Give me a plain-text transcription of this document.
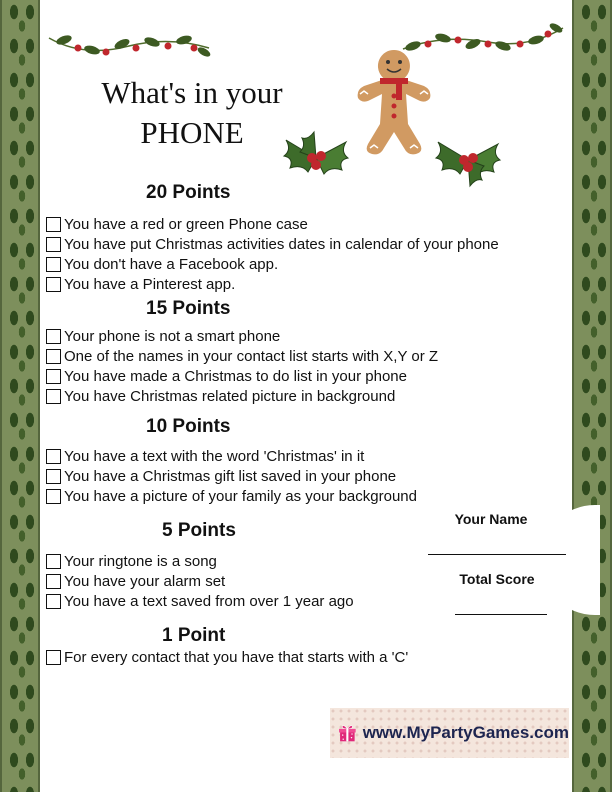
What's in your
PHONE
20 Points
You have a red or green Phone case
You have put Christmas activities dates in calendar of your phone
You don't have a Facebook app.
You have a Pinterest app.
15 Points
Your phone is not a smart phone
One of the names in your contact list starts with X,Y or Z
You have made a Christmas to do list in your phone
You have Christmas related picture in background
10 Points
You have a text with the word 'Christmas' in it
You have a Christmas gift list saved in your phone
You have a picture of your family as your background
5 Points
Your ringtone is a song
You have your alarm set
You have a text saved from over 1 year ago
1 Point
For every contact that you have that starts with a 'C'
Your Name
Total Score
www.MyPartyGames.com
